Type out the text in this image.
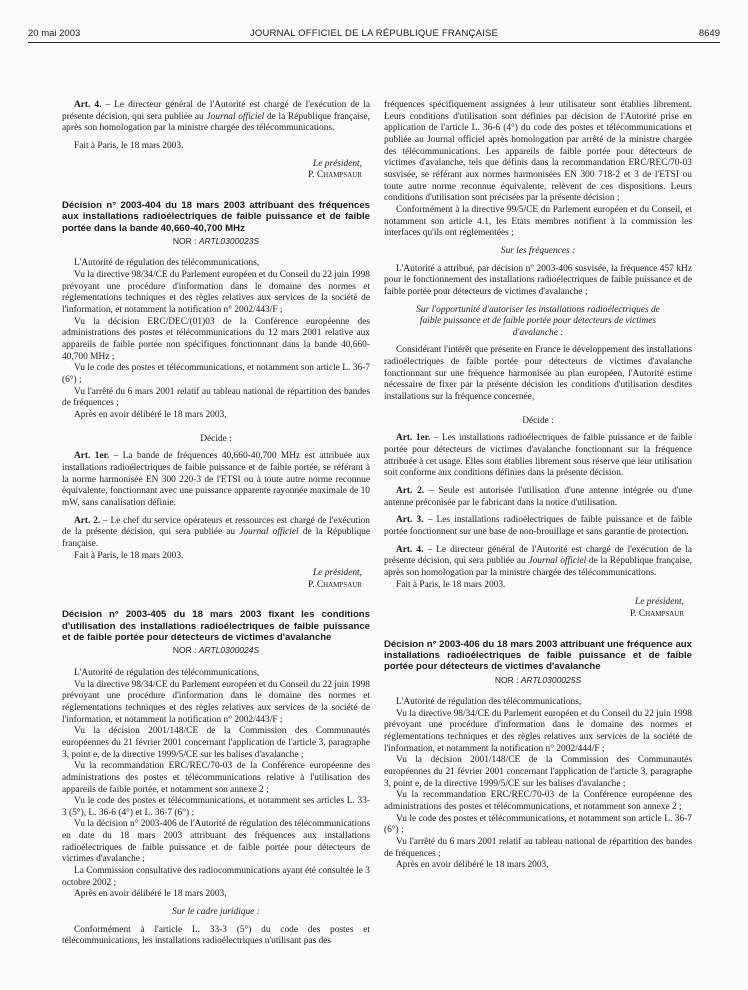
20 mai 2003	JOURNAL OFFICIEL DE LA RÉPUBLIQUE FRANÇAISE	8649

Art. 4. – Le directeur général de l'Autorité est chargé de l'exécution de la présente décision, qui sera publiée au Journal officiel de la République française, après son homologation par la ministre chargée des télécommunications.

Fait à Paris, le 18 mars 2003.

Le président,

P. Champsaur

Décision n° 2003-404 du 18 mars 2003 attribuant des fréquences aux installations radioélectriques de faible puissance et de faible portée dans la bande 40,660-40,700 MHz

NOR : ARTL0300023S

L'Autorité de régulation des télécommunications,

Vu la directive 98/34/CE du Parlement européen et du Conseil du 22 juin 1998 prévoyant une procédure d'information dans le domaine des normes et réglementations techniques et des règles relatives aux services de la société de l'information, et notamment la notification n° 2002/443/F ;

Vu la décision ERC/DEC/(01)03 de la Conférence européenne des administrations des postes et télécommunications du 12 mars 2001 relative aux appareils de faible portée non spécifiques fonctionnant dans la bande 40,660-40,700 MHz ;

Vu le code des postes et télécommunications, et notamment son article L. 36-7 (6°) ;

Vu l'arrêté du 6 mars 2001 relatif au tableau national de répartition des bandes de fréquences ;

Après en avoir délibéré le 18 mars 2003,

Décide :

Art. 1er. – La bande de fréquences 40,660-40,700 MHz est attribuée aux installations radioélectriques de faible puissance et de faible portée, se référant à la norme harmonisée EN 300 220-3 de l'ETSI ou à toute autre norme reconnue équivalente, fonctionnant avec une puissance apparente rayonnée maximale de 10 mW, sans canalisation définie.

Art. 2. – Le chef du service opérateurs et ressources est chargé de l'exécution de la présente décision, qui sera publiée au Journal officiel de la République française.

Fait à Paris, le 18 mars 2003.

Le président,

P. Champsaur

Décision n° 2003-405 du 18 mars 2003 fixant les conditions d'utilisation des installations radioélectriques de faible puissance et de faible portée pour détecteurs de victimes d'avalanche

NOR : ARTL0300024S

L'Autorité de régulation des télécommunications,

Vu la directive 98/34/CE du Parlement européen et du Conseil du 22 juin 1998 prévoyant une procédure d'information dans le domaine des normes et réglementations techniques et des règles relatives aux services de la société de l'information, et notamment la notification n° 2002/443/F ;

Vu la décision 2001/148/CE de la Commission des Communautés européennes du 21 février 2001 concernant l'application de l'article 3, paragraphe 3, point e, de la directive 1999/5/CE sur les balises d'avalanche ;

Vu la recommandation ERC/REC/70-03 de la Conférence européenne des administrations des postes et télécommunications relative à l'utilisation des appareils de faible portée, et notamment son annexe 2 ;

Vu le code des postes et télécommunications, et notamment ses articles L. 33-3 (5°), L. 36-6 (4°) et L. 36-7 (6°) ;

Vu la décision n° 2003-406 de l'Autorité de régulation des télécommunications en date du 18 mars 2003 attribuant des fréquences aux installations radioélectriques de faible puissance et de faible portée pour détecteurs de victimes d'avalanche ;

La Commission consultative des radiocommunications ayant été consultée le 3 octobre 2002 ;

Après en avoir délibéré le 18 mars 2003,

Sur le cadre juridique :

Conformément à l'article L. 33-3 (5°) du code des postes et télécommunications, les installations radioélectriques n'utilisant pas des

fréquences spécifiquement assignées à leur utilisateur sont établies librement. Leurs conditions d'utilisation sont définies par décision de l'Autorité prise en application de l'article L. 36-6 (4°) du code des postes et télécommunications et publiée au Journal officiel après homologation par arrêté de la ministre chargée des télécommunications. Les appareils de faible portée pour détecteurs de victimes d'avalanche, tels que définis dans la recommandation ERC/REC/70-03 susvisée, se référant aux normes harmonisées EN 300 718-2 et 3 de l'ETSI ou toute autre norme reconnue équivalente, relèvent de ces dispositions. Leurs conditions d'utilisation sont précisées par la présente décision ;

Conformément à la directive 99/5/CE du Parlement européen et du Conseil, et notamment son article 4.1, les Etats membres notifient à la commission les interfaces qu'ils ont réglementées ;

Sur les fréquences :

L'Autorité a attribué, par décision n° 2003-406 susvisée, la fréquence 457 kHz pour le fonctionnement des installations radioélectriques de faible puissance et de faible portée pour détecteurs de victimes d'avalanche ;

Sur l'opportunité d'autoriser les installations radioélectriques de faible puissance et de faible portée pour détecteurs de victimes d'avalanche :

Considérant l'intérêt que présente en France le développement des installations radioélectriques de faible portée pour détecteurs de victimes d'avalanche fonctionnant sur une fréquence harmonisée au plan européen, l'Autorité estime nécessaire de fixer par la présente décision les conditions d'utilisation desdites installations sur la fréquence concernée,

Décide :

Art. 1er. – Les installations radioélectriques de faible puissance et de faible portée pour détecteurs de victimes d'avalanche fonctionnant sur la fréquence attribuée à cet usage. Elles sont établies librement sous réserve que leur utilisation soit conforme aux conditions définies dans la présente décision.

Art. 2. – Seule est autorisée l'utilisation d'une antenne intégrée ou d'une antenne préconisée par le fabricant dans la notice d'utilisation.

Art. 3. – Les installations radioélectriques de faible puissance et de faible portée fonctionnent sur une base de non-brouillage et sans garantie de protection.

Art. 4. – Le directeur général de l'Autorité est chargé de l'exécution de la présente décision, qui sera publiée au Journal officiel de la République française, après son homologation par la ministre chargée des télécommunications.

Fait à Paris, le 18 mars 2003.

Le président,

P. Champsaur

Décision n° 2003-406 du 18 mars 2003 attribuant une fréquence aux installations radioélectriques de faible puissance et de faible portée pour détecteurs de victimes d'avalanche

NOR : ARTL0300025S

L'Autorité de régulation des télécommunications,

Vu la directive 98/34/CE du Parlement européen et du Conseil du 22 juin 1998 prévoyant une procédure d'information dans le domaine des normes et réglementations techniques et des règles relatives aux services de la société de l'information, et notamment la notification n° 2002/444/F ;

Vu la décision 2001/148/CE de la Commission des Communautés européennes du 21 février 2001 concernant l'application de l'article 3, paragraphe 3, point e, de la directive 1999/5/CE sur les balises d'avalanche ;

Vu la recommandation ERC/REC/70-03 de la Conférence européenne des administrations des postes et télécommunications, et notamment son annexe 2 ;

Vu le code des postes et télécommunications, et notamment son article L. 36-7 (6°) ;

Vu l'arrêté du 6 mars 2001 relatif au tableau national de répartition des bandes de fréquences ;

Après en avoir délibéré le 18 mars 2003,
